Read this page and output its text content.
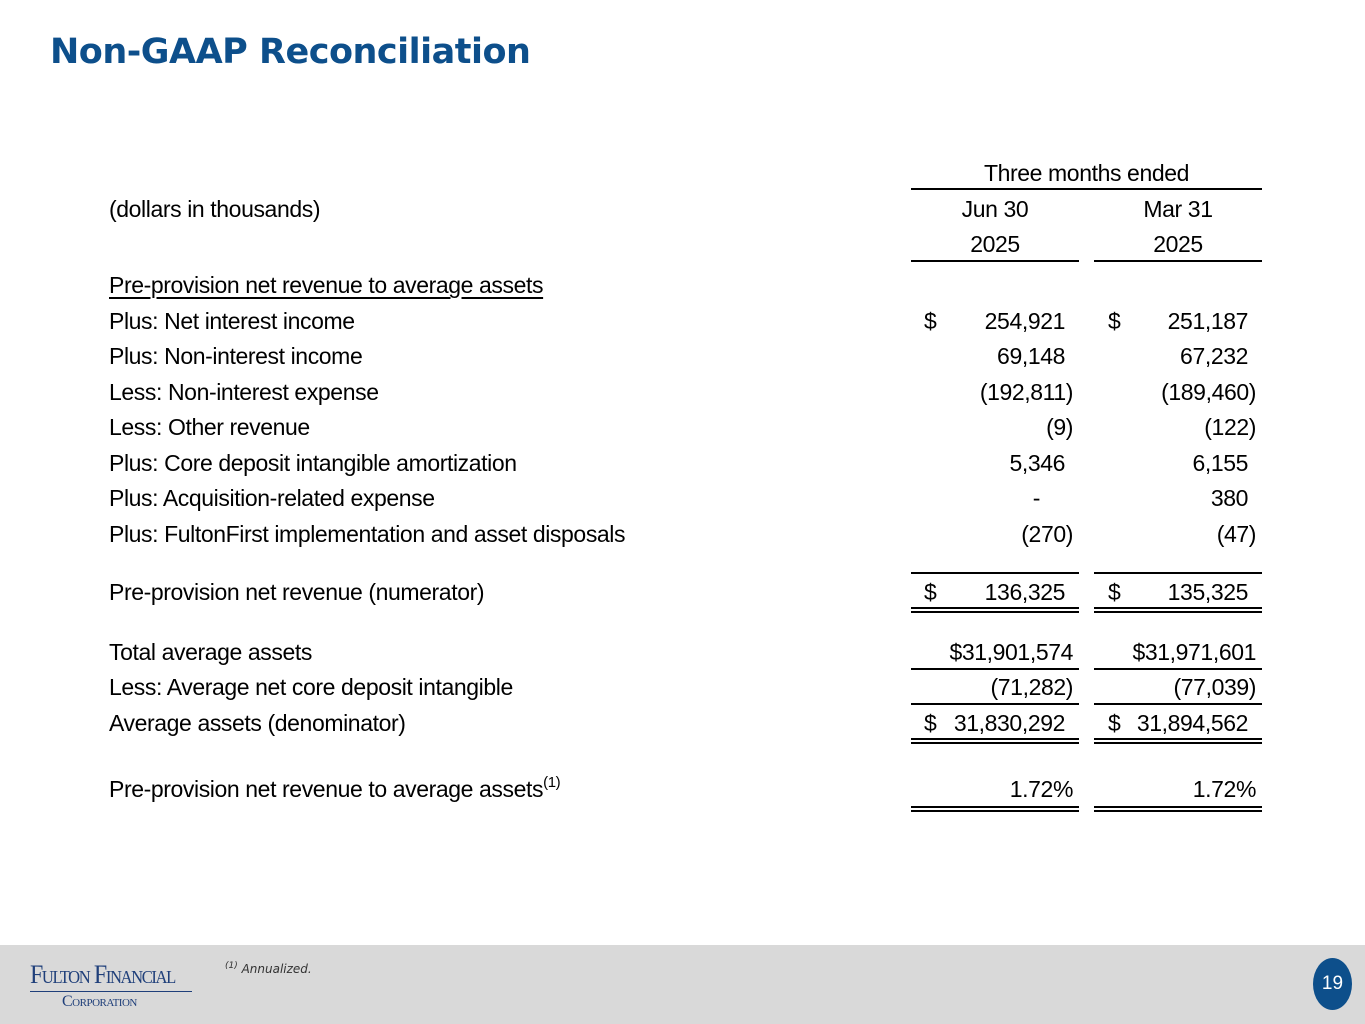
Non-GAAP Reconciliation
Three months ended
(dollars in thousands)	Jun 30	Mar 31
2025	2025
Pre-provision net revenue to average assets
Plus: Net interest income	$ 254,921 $ 251,187
Plus: Non-interest income	69,148	67,232
Less: Non-interest expense	(192,811)	(189,460)
Less: Other revenue	(9)	(122)
Plus: Core deposit intangible amortization	5,346	6,155
Plus: Acquisition-related expense	-	380
Plus: FultonFirst implementation and asset disposals	(270)	(47)
Pre-provision net revenue (numerator)	$ 136,325 $ 135,325
Total average assets	$31,901,574	$31,971,601
Less: Average net core deposit intangible	(71,282)	(77,039)
Average assets (denominator)	$ 31,830,292 $ 31,894,562
Pre-provision net revenue to average assets$^{(1)}$	1.72%	1.72%
Fulton Financial
Corporation
$^{(1)}$ Annualized.
19
